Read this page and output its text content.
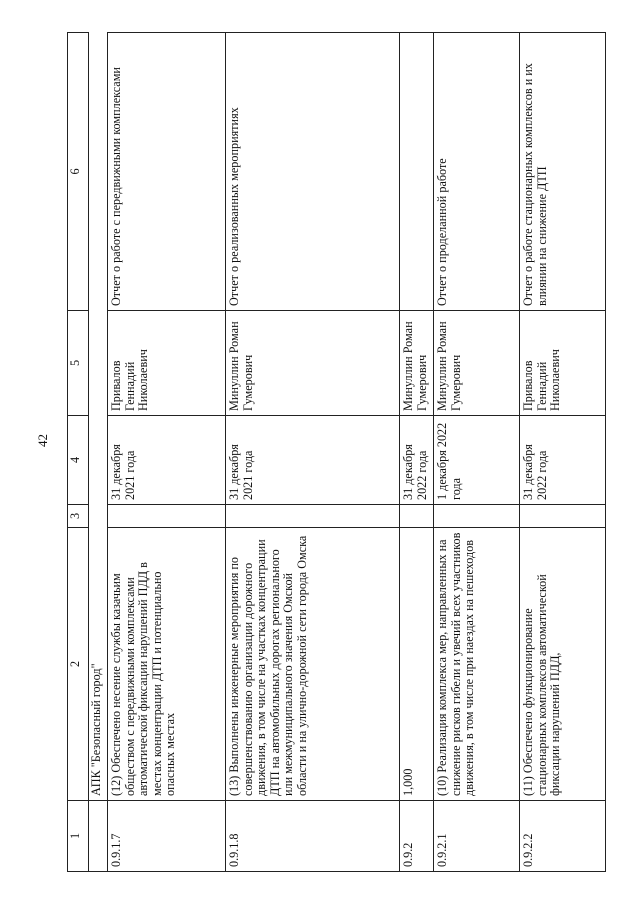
42
1	2	3	4	5	6
	АПК "Безопасный город"				
0.9.1.7	(12) Обеспечено несение службы казачьим обществом с передвижными комплексами автоматической фиксации нарушений ПДД в местах концентрации ДТП и потенциально опасных местах		31 декабря 2021 года	Привалов Геннадий Николаевич	Отчет о работе с передвижными комплексами
0.9.1.8	(13) Выполнены инженерные мероприятия по совершенствованию организации дорожного движения, в том числе на участках концентрации ДТП на автомобильных дорогах регионального или межмуниципального значения Омской области и на улично-дорожной сети города Омска		31 декабря 2021 года	Минуллин Роман Гумерович	Отчет о реализованных мероприятиях
0.9.2	1,000		31 декабря 2022 года	Минуллин Роман Гумерович	
0.9.2.1	(10) Реализация комплекса мер, направленных на снижение рисков гибели и увечий всех участников движения, в том числе при наездах на пешеходов		1 декабря 2022 года	Минуллин Роман Гумерович	Отчет о проделанной работе
0.9.2.2	(11) Обеспечено функционирование стационарных комплексов автоматической фиксации нарушений ПДД,		31 декабря 2022 года	Привалов Геннадий Николаевич	Отчет о работе стационарных комплексов и их влиянии на снижение ДТП
